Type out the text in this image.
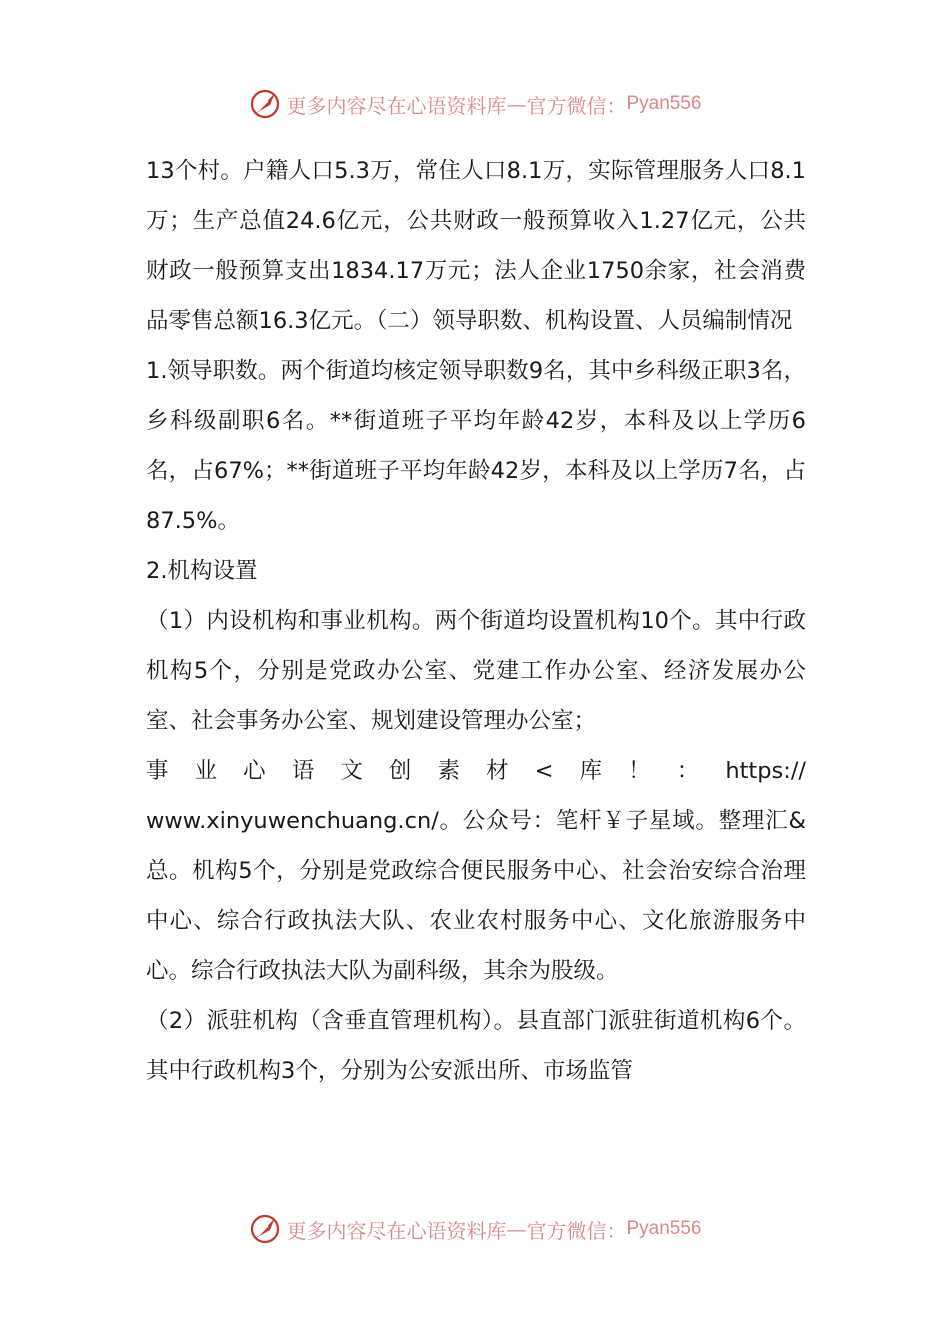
更多内容尽在心语资料库 — 官方微信： Pyan556

13个村。户籍人口5.3万，常住人口8.1万，实际管理服务人口8.1万；生产总值24.6亿元，公共财政一般预算收入1.27亿元，公共财政一般预算支出1834.17万元；法人企业1750余家，社会消费品零售总额16.3亿元。（二）领导职数、机构设置、人员编制情况

1.领导职数。两个街道均核定领导职数9名，其中乡科级正职3名，乡科级副职6名。**街道班子平均年龄42岁，本科及以上学历6名，占67%；**街道班子平均年龄42岁，本科及以上学历7名，占87.5%。

2.机构设置

（1）内设机构和事业机构。两个街道均设置机构10个。其中行政机构5个，分别是党政办公室、党建工作办公室、经济发展办公室、社会事务办公室、规划建设管理办公室；

事业心语文创素材<库！：https://

www.xinyuwenchuang.cn/。公众号：笔杆￥子星域。整理汇&总。机构5个，分别是党政综合便民服务中心、社会治安综合治理中心、综合行政执法大队、农业农村服务中心、文化旅游服务中心。综合行政执法大队为副科级，其余为股级。

（2）派驻机构（含垂直管理机构）。县直部门派驻街道机构6个。其中行政机构3个，分别为公安派出所、市场监管

更多内容尽在心语资料库 — 官方微信： Pyan556
